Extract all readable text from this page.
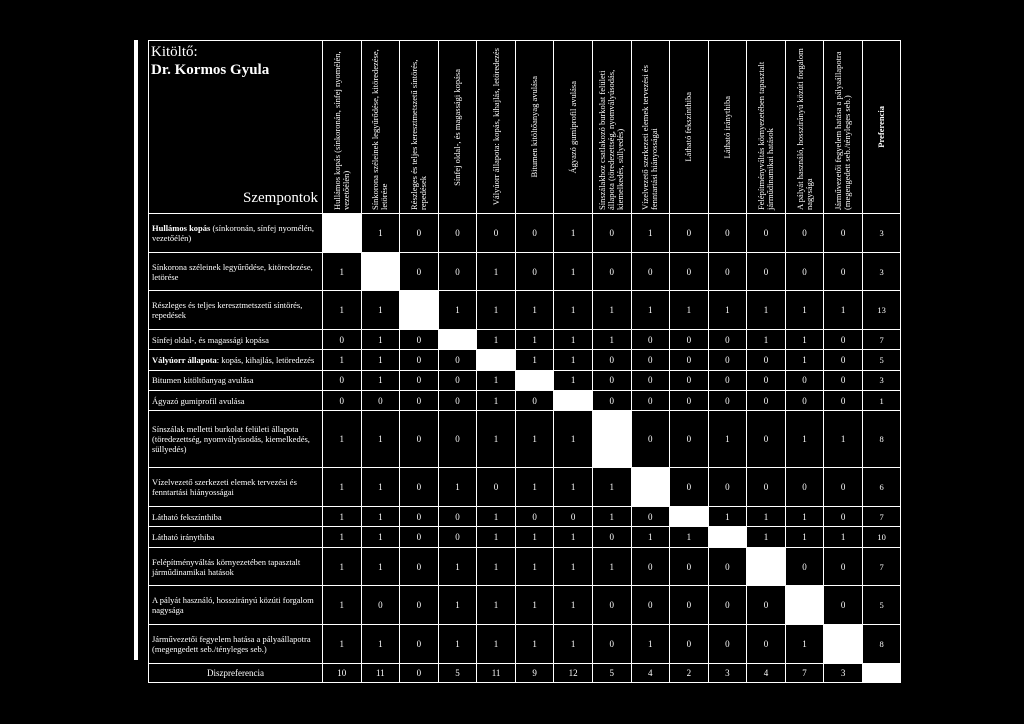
Kitöltő:
Dr. Kormos Gyula
Szempontok	Hullámos kopás (sínkoronán, sínfej nyomélén, vezetőélén)	Sínkorona széleinek legyűrődése, kitöredezése, letörése	Részleges és teljes keresztmetszetű síntörés, repedések	Sínfej oldal-, és magassági kopása	Vályúorr állapota: kopás, kihajlás, letöredezés	Bitumen kitöltőanyag avulása	Ágyazó gumiprofil avulása	Sínszálakhoz csatlakozó burkolat felületi állapota (töredezettség, nyomvályúsodás, kiemelkedés, süllyedés)	Vízelvezető szerkezeti elemek tervezési és fenntartási hiányosságai	Látható fekszínthiba	Látható iránythiba	Felépítményváltás környezetében tapasztalt járműdinamikai hatások	A pályát használó, hosszirányú közúti forgalom nagysága	Járművezetői fegyelem hatása a pályaállapotra (megengedett seb./tényleges seb.)	Preferencia

Hullámos kopás (sínkoronán, sínfej nyomélén, vezetőélén)		1	0	0	0	0	1	0	1	0	0	0	0	0	3
Sínkorona széleinek legyűrődése, kitöredezése, letörése	1		0	0	1	0	1	0	0	0	0	0	0	0	3
Részleges és teljes keresztmetszetű síntörés, repedések	1	1		1	1	1	1	1	1	1	1	1	1	1	13
Sínfej oldal-, és magassági kopása	0	1	0		1	1	1	1	0	0	0	1	1	0	7
Vályúorr állapota: kopás, kihajlás, letöredezés	1	1	0	0		1	1	0	0	0	0	0	1	0	5
Bitumen kitöltőanyag avulása	0	1	0	0	1		1	0	0	0	0	0	0	0	3
Ágyazó gumiprofil avulása	0	0	0	0	1	0		0	0	0	0	0	0	0	1
Sínszálak melletti burkolat felületi állapota (töredezettség, nyomvályúsodás, kiemelkedés, süllyedés)	1	1	0	0	1	1	1		0	0	1	0	1	1	8
Vízelvezető szerkezeti elemek tervezési és fenntartási hiányosságai	1	1	0	1	0	1	1	1		0	0	0	0	0	6
Látható fekszínthiba	1	1	0	0	1	0	0	1	0		1	1	1	0	7
Látható iránythiba	1	1	0	0	1	1	1	0	1	1		1	1	1	10
Felépítményváltás környezetében tapasztalt járműdinamikai hatások	1	1	0	1	1	1	1	1	0	0	0		0	0	7
A pályát használó, hosszirányú közúti forgalom nagysága	1	0	0	1	1	1	1	0	0	0	0	0		0	5
Járművezetői fegyelem hatása a pályaállapotra (megengedett seb./tényleges seb.)	1	1	0	1	1	1	1	0	1	0	0	0	1		8
Diszpreferencia	10	11	0	5	11	9	12	5	4	2	3	4	7	3	
